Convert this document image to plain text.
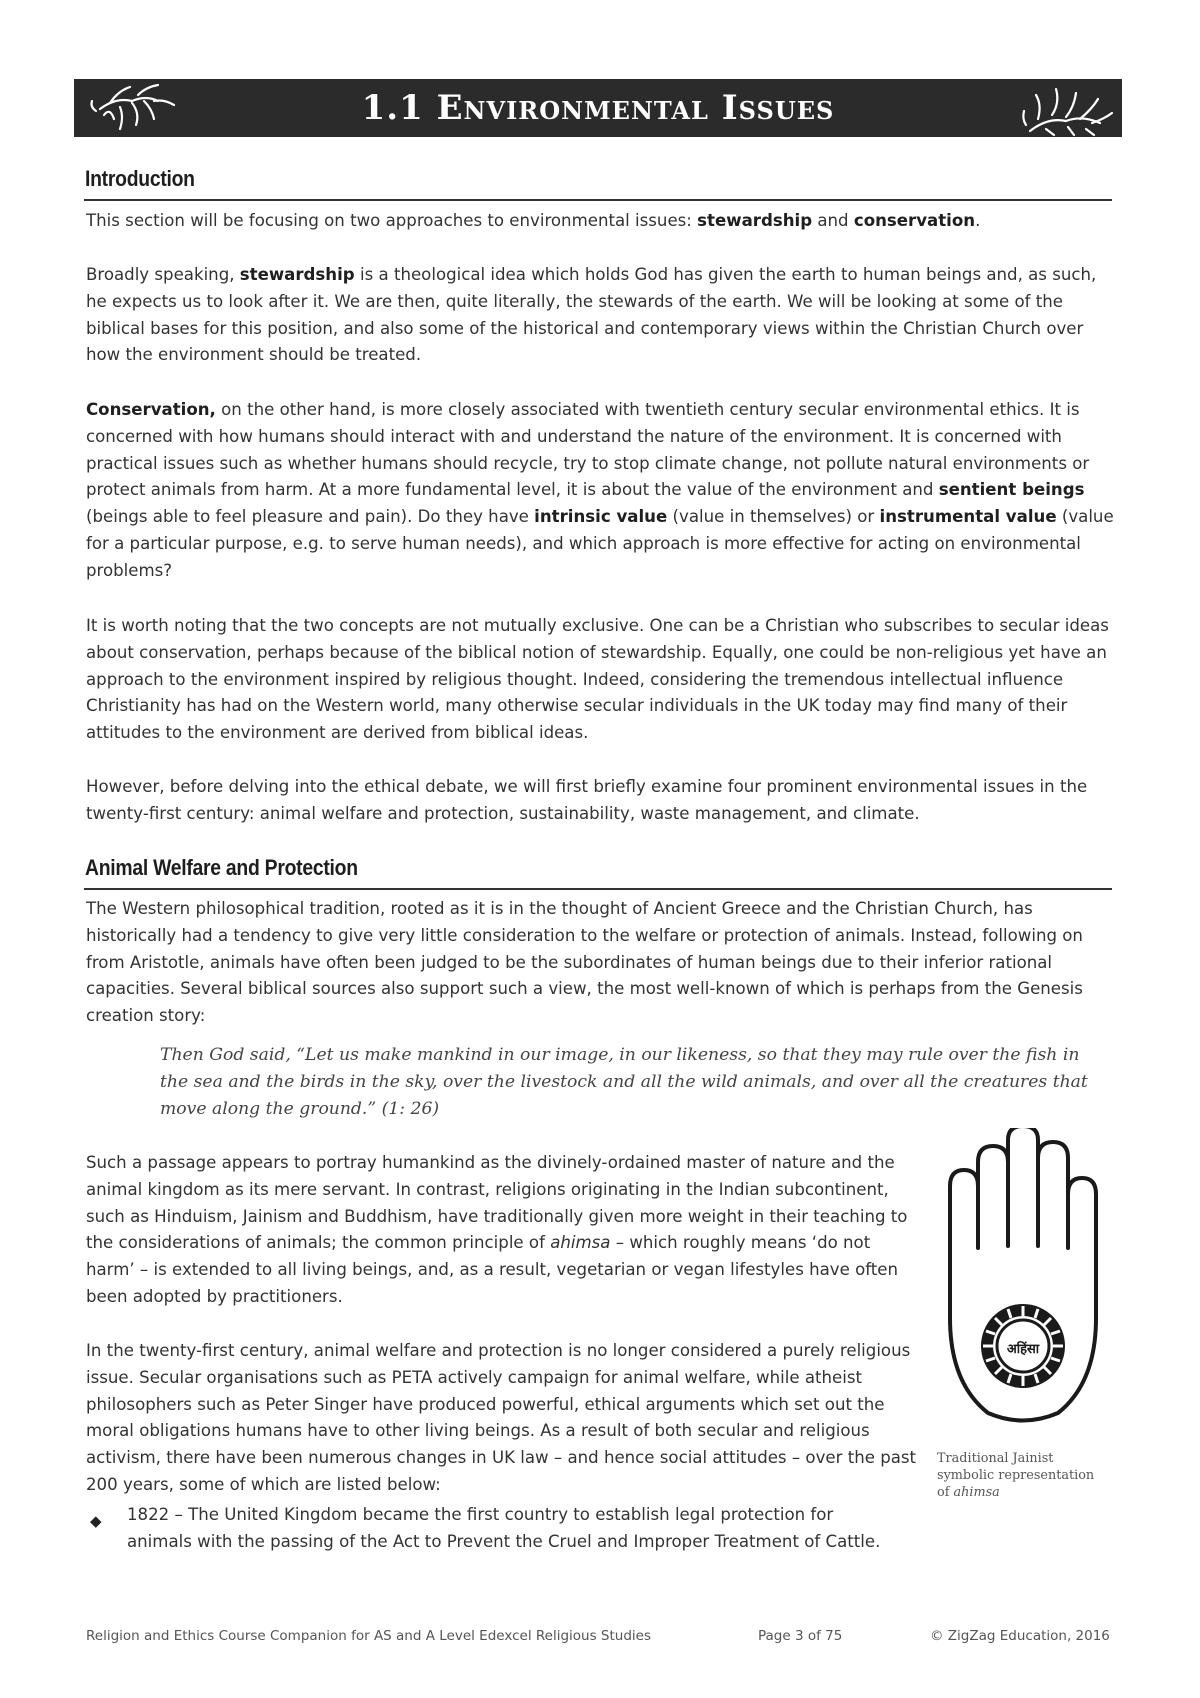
1.1 Environmental Issues
Introduction

This section will be focusing on two approaches to environmental issues: stewardship and conservation.

Broadly speaking, stewardship is a theological idea which holds God has given the earth to human beings and, as such, he expects us to look after it. We are then, quite literally, the stewards of the earth. We will be looking at some of the biblical bases for this position, and also some of the historical and contemporary views within the Christian Church over how the environment should be treated.

Conservation, on the other hand, is more closely associated with twentieth century secular environmental ethics. It is concerned with how humans should interact with and understand the nature of the environment. It is concerned with practical issues such as whether humans should recycle, try to stop climate change, not pollute natural environments or protect animals from harm. At a more fundamental level, it is about the value of the environment and sentient beings (beings able to feel pleasure and pain). Do they have intrinsic value (value in themselves) or instrumental value (value for a particular purpose, e.g. to serve human needs), and which approach is more effective for acting on environmental problems?

It is worth noting that the two concepts are not mutually exclusive. One can be a Christian who subscribes to secular ideas about conservation, perhaps because of the biblical notion of stewardship. Equally, one could be non-religious yet have an approach to the environment inspired by religious thought. Indeed, considering the tremendous intellectual influence Christianity has had on the Western world, many otherwise secular individuals in the UK today may find many of their attitudes to the environment are derived from biblical ideas.

However, before delving into the ethical debate, we will first briefly examine four prominent environmental issues in the twenty-first century: animal welfare and protection, sustainability, waste management, and climate.

Animal Welfare and Protection

The Western philosophical tradition, rooted as it is in the thought of Ancient Greece and the Christian Church, has historically had a tendency to give very little consideration to the welfare or protection of animals. Instead, following on from Aristotle, animals have often been judged to be the subordinates of human beings due to their inferior rational capacities. Several biblical sources also support such a view, the most well-known of which is perhaps from the Genesis creation story:

Then God said, “Let us make mankind in our image, in our likeness, so that they may rule over the fish in the sea and the birds in the sky, over the livestock and all the wild animals, and over all the creatures that move along the ground.” (1: 26)

Such a passage appears to portray humankind as the divinely-ordained master of nature and the animal kingdom as its mere servant. In contrast, religions originating in the Indian subcontinent, such as Hinduism, Jainism and Buddhism, have traditionally given more weight in their teaching to the considerations of animals; the common principle of ahimsa – which roughly means ‘do not harm’ – is extended to all living beings, and, as a result, vegetarian or vegan lifestyles have often been adopted by practitioners.

In the twenty-first century, animal welfare and protection is no longer considered a purely religious issue. Secular organisations such as PETA actively campaign for animal welfare, while atheist philosophers such as Peter Singer have produced powerful, ethical arguments which set out the moral obligations humans have to other living beings. As a result of both secular and religious activism, there have been numerous changes in UK law – and hence social attitudes – over the past 200 years, some of which are listed below:

◆ 1822 – The United Kingdom became the first country to establish legal protection for animals with the passing of the Act to Prevent the Cruel and Improper Treatment of Cattle.

अहिंसा

Traditional Jainist
symbolic representation
of ahimsa

Religion and Ethics Course Companion for AS and A Level Edexcel Religious Studies	Page 3 of 75	© ZigZag Education, 2016
